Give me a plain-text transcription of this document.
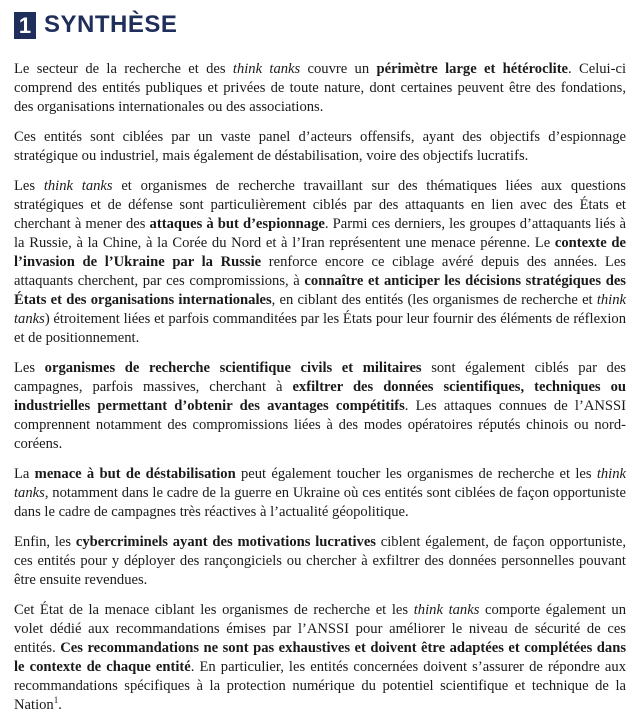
1 SYNTHÈSE

Le secteur de la recherche et des think tanks couvre un périmètre large et hétéroclite. Celui-ci comprend des entités publiques et privées de toute nature, dont certaines peuvent être des fondations, des organisations internationales ou des associations.

Ces entités sont ciblées par un vaste panel d’acteurs offensifs, ayant des objectifs d’espionnage stratégique ou industriel, mais également de déstabilisation, voire des objectifs lucratifs.

Les think tanks et organismes de recherche travaillant sur des thématiques liées aux questions stratégiques et de défense sont particulièrement ciblés par des attaquants en lien avec des États et cherchant à mener des attaques à but d’espionnage. Parmi ces derniers, les groupes d’attaquants liés à la Russie, à la Chine, à la Corée du Nord et à l’Iran représentent une menace pérenne. Le contexte de l’invasion de l’Ukraine par la Russie renforce encore ce ciblage avéré depuis des années. Les attaquants cherchent, par ces compromissions, à connaître et anticiper les décisions stratégiques des États et des organisations internationales, en ciblant des entités (les organismes de recherche et think tanks) étroitement liées et parfois commanditées par les États pour leur fournir des éléments de réflexion et de positionnement.

Les organismes de recherche scientifique civils et militaires sont également ciblés par des campagnes, parfois massives, cherchant à exfiltrer des données scientifiques, techniques ou industrielles permettant d’obtenir des avantages compétitifs. Les attaques connues de l’ANSSI comprennent notamment des compromissions liées à des modes opératoires réputés chinois ou nord-coréens.

La menace à but de déstabilisation peut également toucher les organismes de recherche et les think tanks, notamment dans le cadre de la guerre en Ukraine où ces entités sont ciblées de façon opportuniste dans le cadre de campagnes très réactives à l’actualité géopolitique.

Enfin, les cybercriminels ayant des motivations lucratives ciblent également, de façon opportuniste, ces entités pour y déployer des rançongiciels ou chercher à exfiltrer des données personnelles pouvant être ensuite revendues.

Cet État de la menace ciblant les organismes de recherche et les think tanks comporte également un volet dédié aux recommandations émises par l’ANSSI pour améliorer le niveau de sécurité de ces entités. Ces recommandations ne sont pas exhaustives et doivent être adaptées et complétées dans le contexte de chaque entité. En particulier, les entités concernées doivent s’assurer de répondre aux recommandations spécifiques à la protection numérique du potentiel scientifique et technique de la Nation$^1$.
